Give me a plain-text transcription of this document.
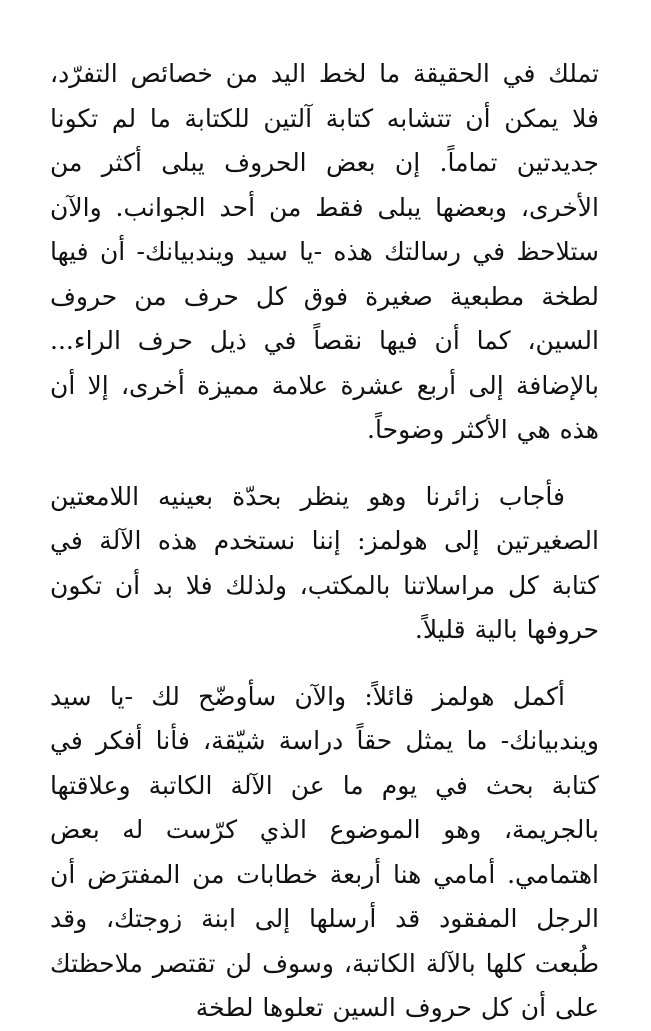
تملك في الحقيقة ما لخط اليد من خصائص التفرّد، فلا يمكن أن تتشابه كتابة آلتين للكتابة ما لم تكونا جديدتين تماماً. إن بعض الحروف يبلى أكثر من الأخرى، وبعضها يبلى فقط من أحد الجوانب. والآن ستلاحظ في رسالتك هذه -يا سيد ويندبيانك- أن فيها لطخة مطبعية صغيرة فوق كل حرف من حروف السين، كما أن فيها نقصاً في ذيل حرف الراء... بالإضافة إلى أربع عشرة علامة مميزة أخرى، إلا أن هذه هي الأكثر وضوحاً.

فأجاب زائرنا وهو ينظر بحدّة بعينيه اللامعتين الصغيرتين إلى هولمز: إننا نستخدم هذه الآلة في كتابة كل مراسلاتنا بالمكتب، ولذلك فلا بد أن تكون حروفها بالية قليلاً.

أكمل هولمز قائلاً: والآن سأوضّح لك -يا سيد ويندبيانك- ما يمثل حقاً دراسة شيّقة، فأنا أفكر في كتابة بحث في يوم ما عن الآلة الكاتبة وعلاقتها بالجريمة، وهو الموضوع الذي كرّست له بعض اهتمامي. أمامي هنا أربعة خطابات من المفترَض أن الرجل المفقود قد أرسلها إلى ابنة زوجتك، وقد طُبعت كلها بالآلة الكاتبة، وسوف لن تقتصر ملاحظتك على أن كل حروف السين تعلوها لطخة
